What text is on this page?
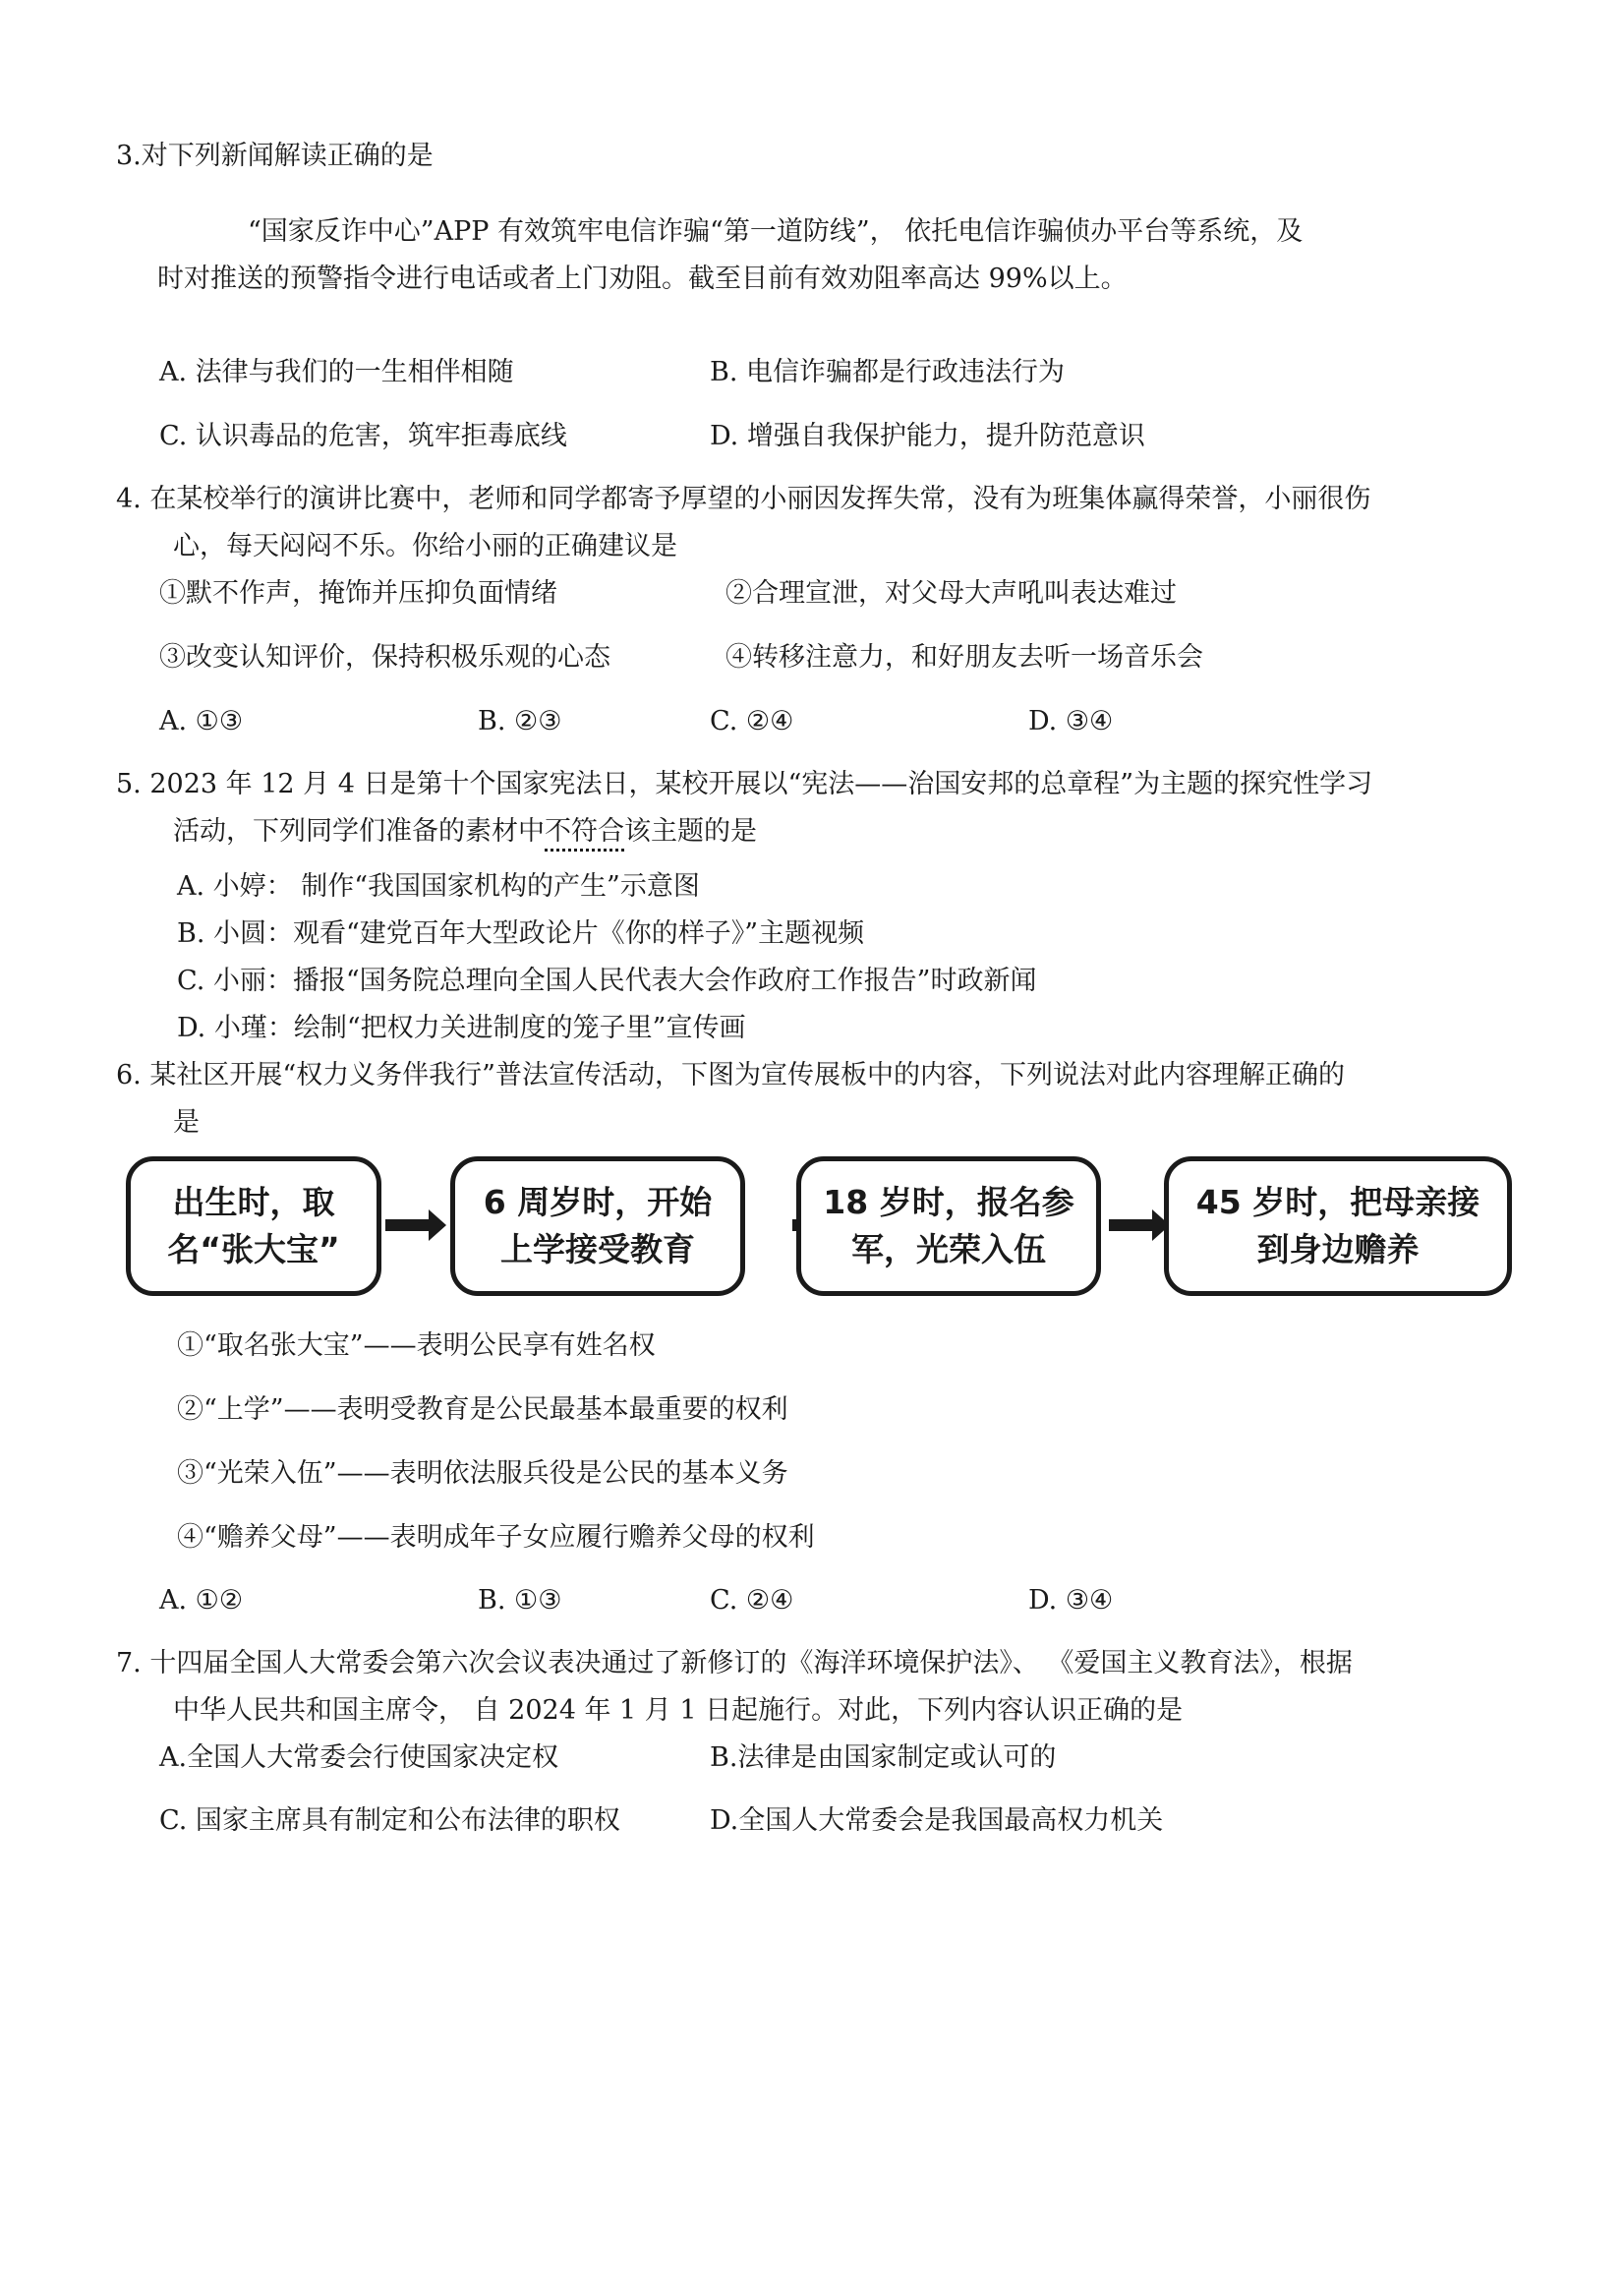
3.对下列新闻解读正确的是
“国家反诈中心”APP 有效筑牢电信诈骗“第一道防线”， 依托电信诈骗侦办平台等系统，及
时对推送的预警指令进行电话或者上门劝阻。截至目前有效劝阻率高达 99%以上。
A. 法律与我们的一生相伴相随	B. 电信诈骗都是行政违法行为
C. 认识毒品的危害，筑牢拒毒底线	D. 增强自我保护能力，提升防范意识
4. 在某校举行的演讲比赛中，老师和同学都寄予厚望的小丽因发挥失常，没有为班集体赢得荣誉，小丽很伤
心，每天闷闷不乐。你给小丽的正确建议是
①默不作声，掩饰并压抑负面情绪	②合理宣泄，对父母大声吼叫表达难过
③改变认知评价，保持积极乐观的心态	④转移注意力，和好朋友去听一场音乐会
A. ①③	B. ②③	C. ②④	D. ③④
5. 2023 年 12 月 4 日是第十个国家宪法日，某校开展以“宪法——治国安邦的总章程”为主题的探究性学习
活动，下列同学们准备的素材中不符合该主题的是
A. 小婷： 制作“我国国家机构的产生”示意图
B. 小圆：观看“建党百年大型政论片《你的样子》”主题视频
C. 小丽：播报“国务院总理向全国人民代表大会作政府工作报告”时政新闻
D. 小瑾：绘制“把权力关进制度的笼子里”宣传画
6. 某社区开展“权力义务伴我行”普法宣传活动，下图为宣传展板中的内容，下列说法对此内容理解正确的
是
出生时，取
名“张大宝”
6 周岁时，开始
上学接受教育
18 岁时，报名参
军，光荣入伍
45 岁时，把母亲接
到身边赡养
①“取名张大宝”——表明公民享有姓名权
②“上学”——表明受教育是公民最基本最重要的权利
③“光荣入伍”——表明依法服兵役是公民的基本义务
④“赡养父母”——表明成年子女应履行赡养父母的权利
A. ①②	B. ①③	C. ②④	D. ③④
7. 十四届全国人大常委会第六次会议表决通过了新修订的《海洋环境保护法》、 《爱国主义教育法》，根据
中华人民共和国主席令， 自 2024 年 1 月 1 日起施行。对此，下列内容认识正确的是
A.全国人大常委会行使国家决定权	B.法律是由国家制定或认可的
C. 国家主席具有制定和公布法律的职权	D.全国人大常委会是我国最高权力机关
